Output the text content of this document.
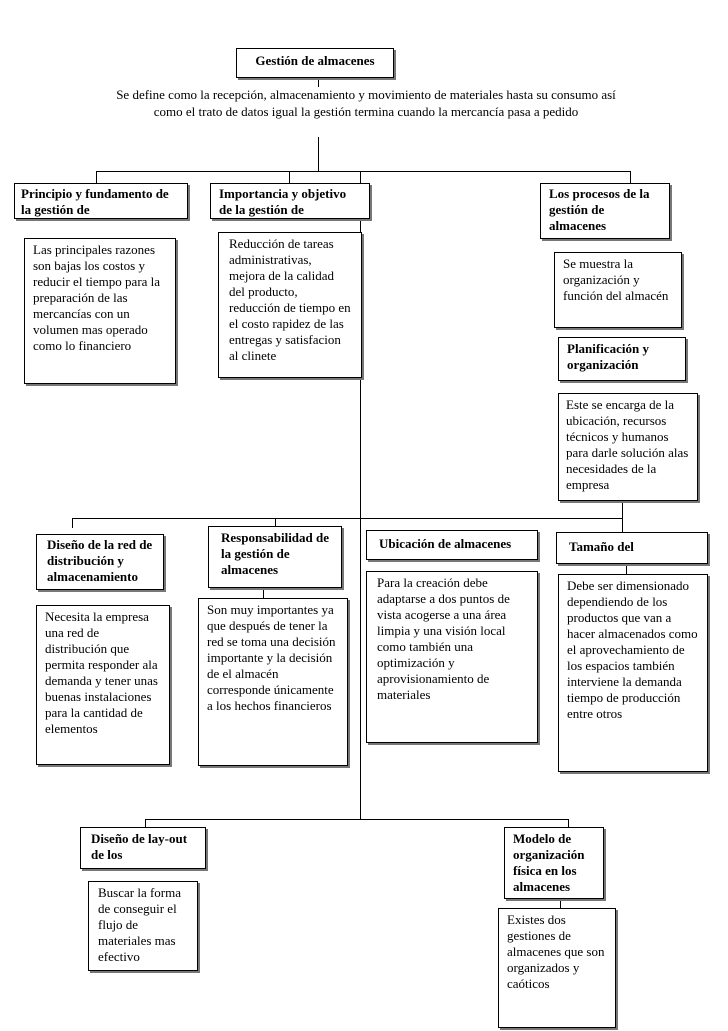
Gestión de almacenes
Se define como la recepción, almacenamiento y movimiento de materiales hasta su consumo así como el trato de datos igual la gestión termina cuando la mercancía pasa a pedido
Principio y fundamento de la gestión de
Las principales razones son bajas los costos y reducir el tiempo para la preparación de las mercancías con un volumen mas operado como lo financiero
Importancia y objetivo de la gestión de
Reducción de tareas administrativas, mejora de la calidad del producto, reducción de tiempo en el costo rapidez de las entregas y satisfacion al clinete
Los procesos de la gestión de almacenes
Se muestra la organización y función del almacén
Planificación y organización
Este se encarga de la ubicación, recursos técnicos y humanos para darle solución alas necesidades de la empresa
Diseño de la red de distribución y almacenamiento
Necesita la empresa una red de distribución que permita responder ala demanda y tener unas buenas instalaciones para la cantidad de elementos
Responsabilidad de la gestión de almacenes
Son muy importantes ya que después de tener la red se toma una decisión importante y la decisión de el almacén corresponde únicamente a los hechos financieros
Ubicación de almacenes
Para la creación debe adaptarse a dos puntos de vista acogerse a una área limpia y una visión local como también una optimización y aprovisionamiento de materiales
Tamaño del
Debe ser dimensionado dependiendo de los productos que van a hacer almacenados como el aprovechamiento de los espacios también interviene la demanda tiempo de producción entre otros
Diseño de lay-out de los
Buscar la forma de conseguir el flujo de materiales mas efectivo
Modelo de organización física en los almacenes
Existes dos gestiones de almacenes que son organizados y caóticos
